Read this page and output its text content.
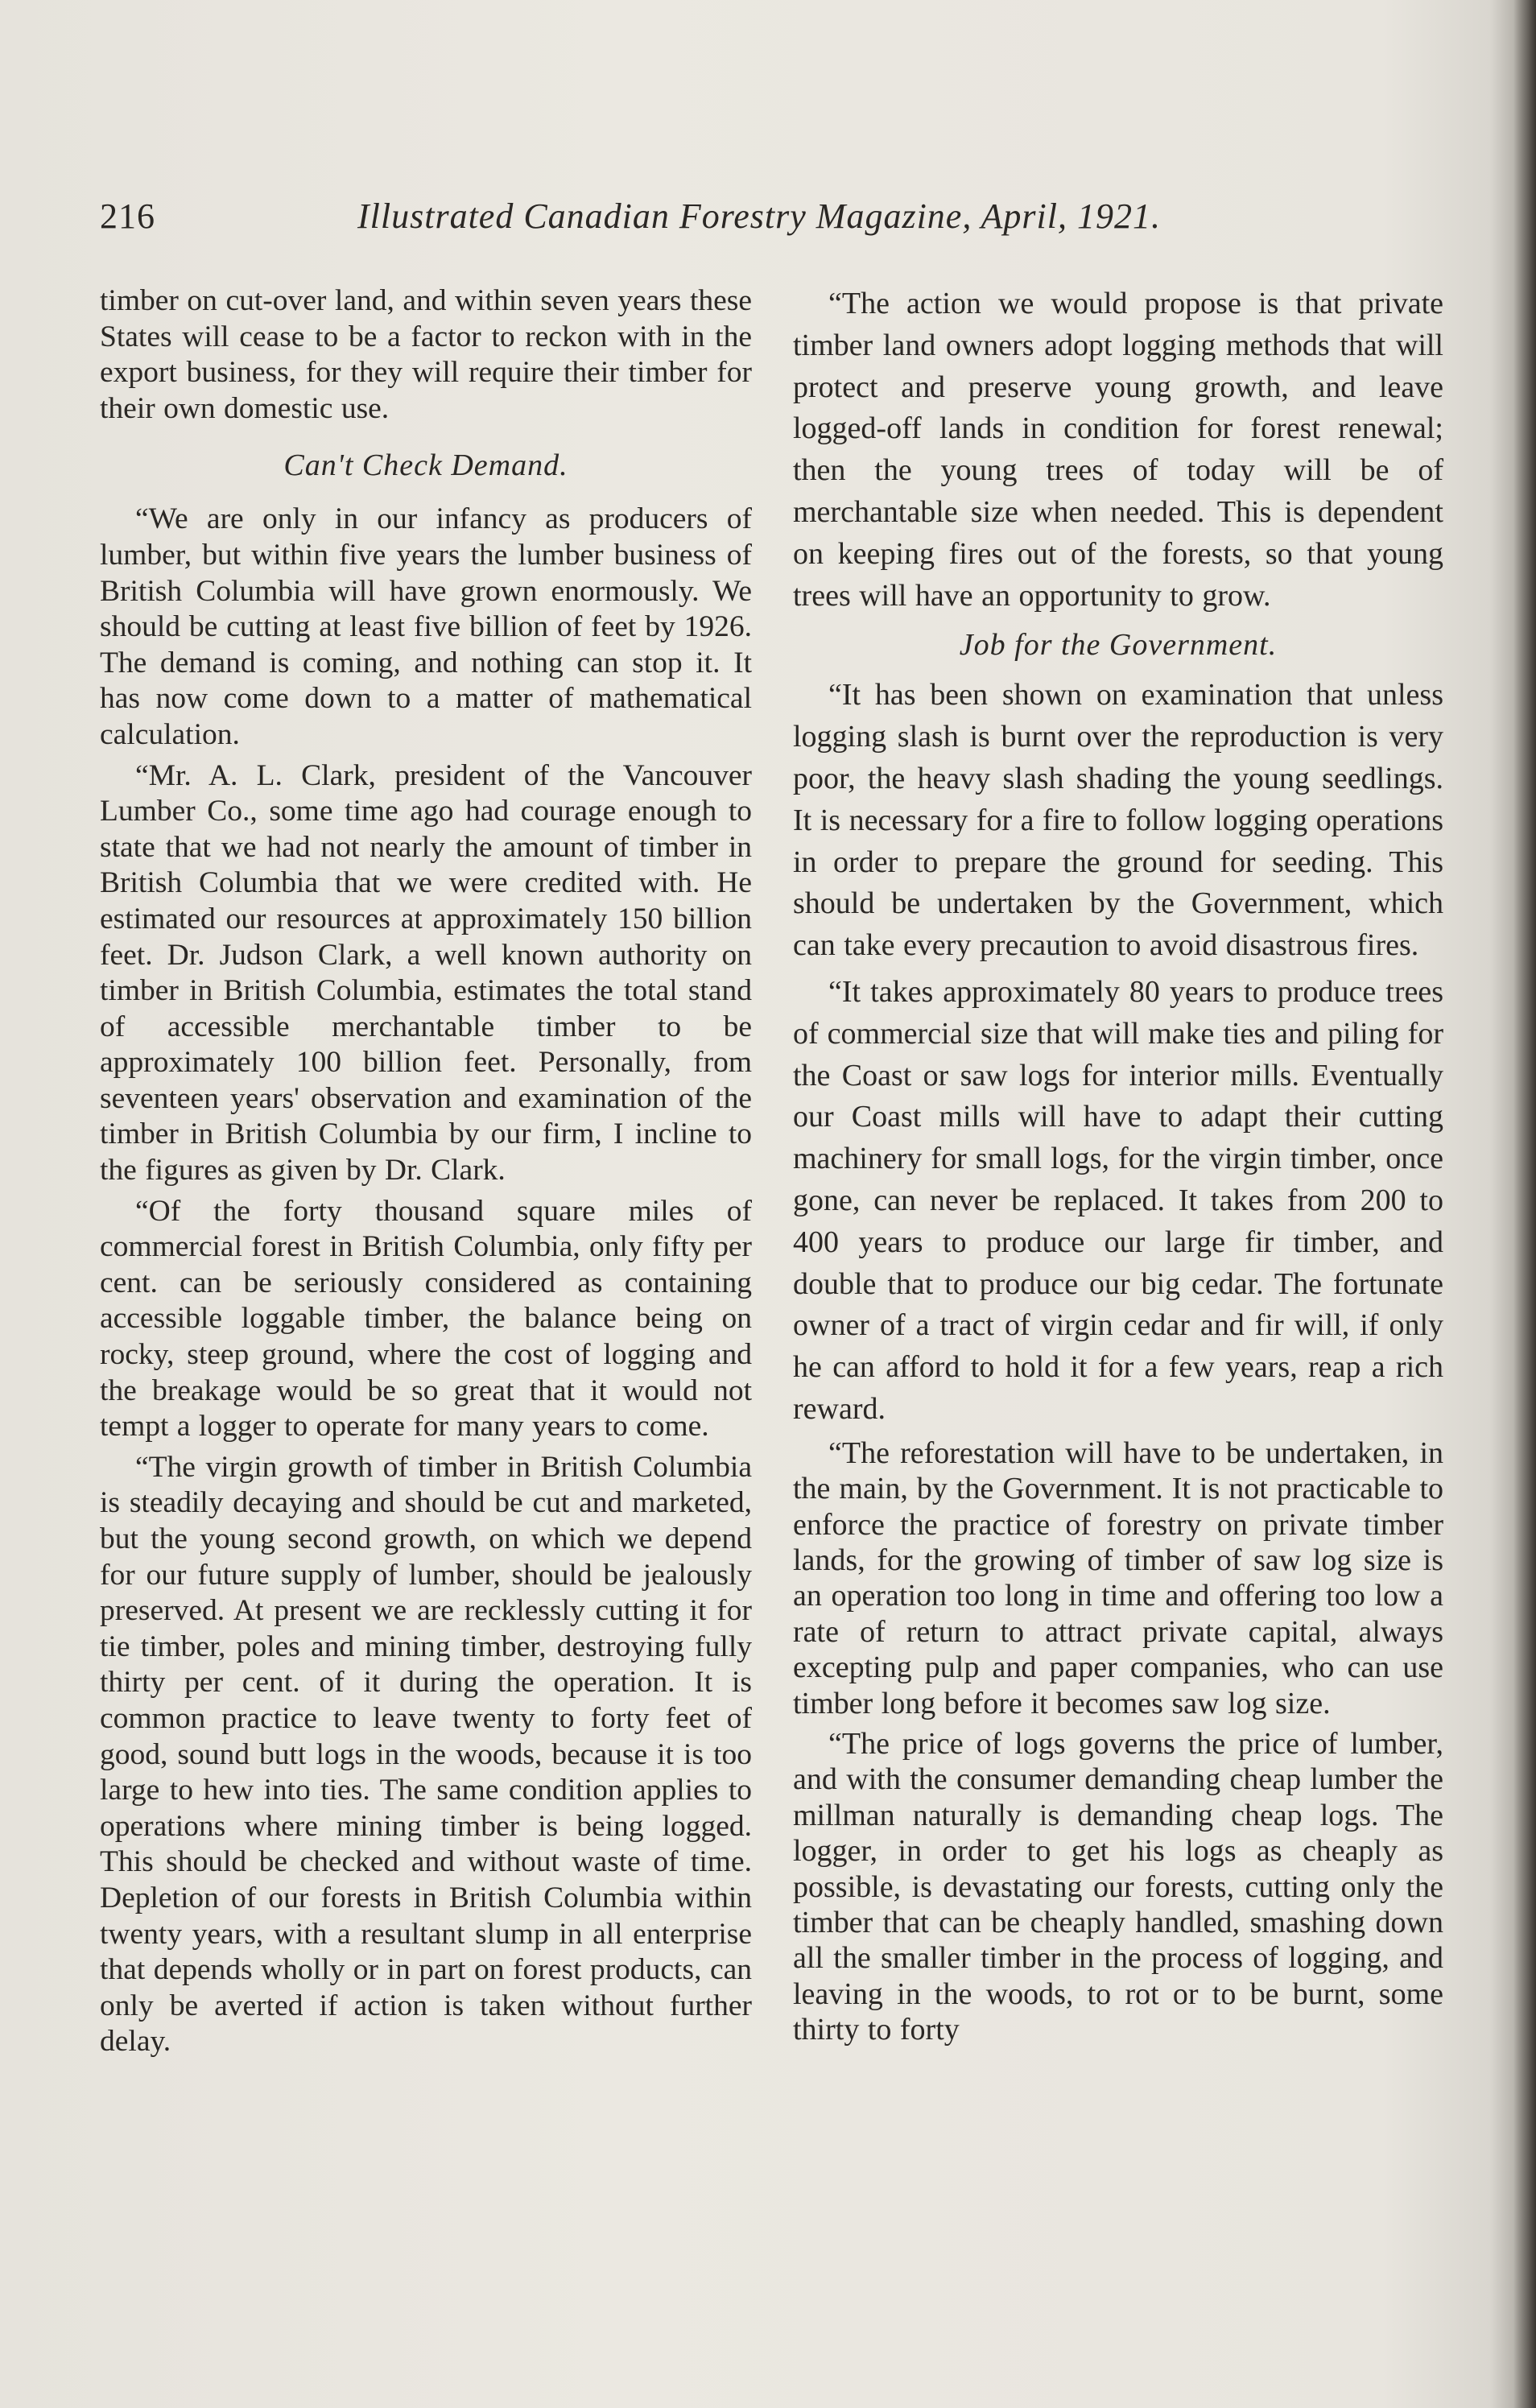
216	Illustrated Canadian Forestry Magazine, April, 1921.

timber on cut-over land, and within seven years these States will cease to be a factor to reckon with in the export business, for they will require their timber for their own domestic use.

Can't Check Demand.

“We are only in our infancy as producers of lumber, but within five years the lumber business of British Columbia will have grown enormously. We should be cutting at least five billion of feet by 1926. The demand is coming, and nothing can stop it. It has now come down to a matter of mathematical calculation.

“Mr. A. L. Clark, president of the Vancouver Lumber Co., some time ago had courage enough to state that we had not nearly the amount of timber in British Columbia that we were credited with. He estimated our resources at approximately 150 billion feet. Dr. Judson Clark, a well known authority on timber in British Columbia, estimates the total stand of accessible merchantable timber to be approximately 100 billion feet. Personally, from seventeen years' observation and examination of the timber in British Columbia by our firm, I incline to the figures as given by Dr. Clark.

“Of the forty thousand square miles of commercial forest in British Columbia, only fifty per cent. can be seriously considered as containing accessible loggable timber, the balance being on rocky, steep ground, where the cost of logging and the breakage would be so great that it would not tempt a logger to operate for many years to come.

“The virgin growth of timber in British Columbia is steadily decaying and should be cut and marketed, but the young second growth, on which we depend for our future supply of lumber, should be jealously preserved. At present we are recklessly cutting it for tie timber, poles and mining timber, destroying fully thirty per cent. of it during the operation. It is common practice to leave twenty to forty feet of good, sound butt logs in the woods, because it is too large to hew into ties. The same condition applies to operations where mining timber is being logged. This should be checked and without waste of time. Depletion of our forests in British Columbia within twenty years, with a resultant slump in all enterprise that depends wholly or in part on forest products, can only be averted if action is taken without further delay.

“The action we would propose is that private timber land owners adopt logging methods that will protect and preserve young growth, and leave logged-off lands in condition for forest renewal; then the young trees of today will be of merchantable size when needed. This is dependent on keeping fires out of the forests, so that young trees will have an opportunity to grow.

Job for the Government.

“It has been shown on examination that unless logging slash is burnt over the reproduction is very poor, the heavy slash shading the young seedlings. It is necessary for a fire to follow logging operations in order to prepare the ground for seeding. This should be undertaken by the Government, which can take every precaution to avoid disastrous fires.

“It takes approximately 80 years to produce trees of commercial size that will make ties and piling for the Coast or saw logs for interior mills. Eventually our Coast mills will have to adapt their cutting machinery for small logs, for the virgin timber, once gone, can never be replaced. It takes from 200 to 400 years to produce our large fir timber, and double that to produce our big cedar. The fortunate owner of a tract of virgin cedar and fir will, if only he can afford to hold it for a few years, reap a rich reward.

“The reforestation will have to be undertaken, in the main, by the Government. It is not practicable to enforce the practice of forestry on private timber lands, for the growing of timber of saw log size is an operation too long in time and offering too low a rate of return to attract private capital, always excepting pulp and paper companies, who can use timber long before it becomes saw log size.

“The price of logs governs the price of lumber, and with the consumer demanding cheap lumber the millman naturally is demanding cheap logs. The logger, in order to get his logs as cheaply as possible, is devastating our forests, cutting only the timber that can be cheaply handled, smashing down all the smaller timber in the process of logging, and leaving in the woods, to rot or to be burnt, some thirty to forty
